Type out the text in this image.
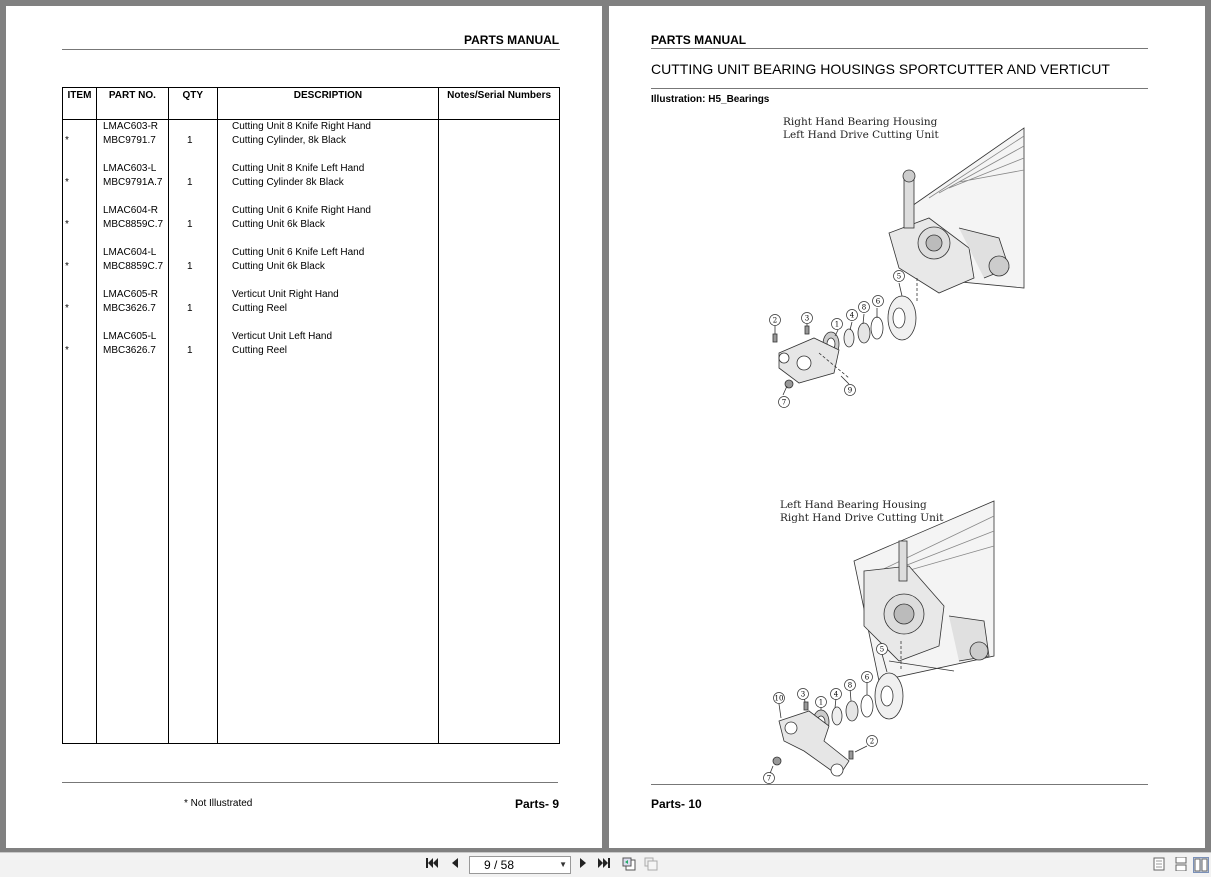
PARTS MANUAL
ITEM	PART NO.	QTY	DESCRIPTION	Notes/Serial Numbers

LMAC603-R	Cutting Unit 8 Knife Right Hand
*	MBC9791.7	1	Cutting Cylinder, 8k Black
LMAC603-L	Cutting Unit 8 Knife Left Hand
*	MBC9791A.7 1	Cutting Cylinder 8k Black
LMAC604-R	Cutting Unit 6 Knife Right Hand
*	MBC8859C.7 1	Cutting Unit 6k Black
LMAC604-L	Cutting Unit 6 Knife Left Hand
*	MBC8859C.7 1	Cutting Unit 6k Black
LMAC605-R	Verticut Unit Right Hand
*	MBC3626.7	1	Cutting Reel
LMAC605-L	Verticut Unit Left Hand
*	MBC3626.7	1	Cutting Reel
* Not Illustrated	Parts- 9
PARTS MANUAL
CUTTING UNIT BEARING HOUSINGS SPORTCUTTER AND VERTICUT
Illustration: H5_Bearings
Right Hand Bearing Housing
Left Hand Drive Cutting Unit
Left Hand Bearing Housing
Right Hand Drive Cutting Unit
2	3
1
4
8
6
5
9
7
10 3
1
4
8
6
5
2
7
Parts- 10
9 / 58	▼
